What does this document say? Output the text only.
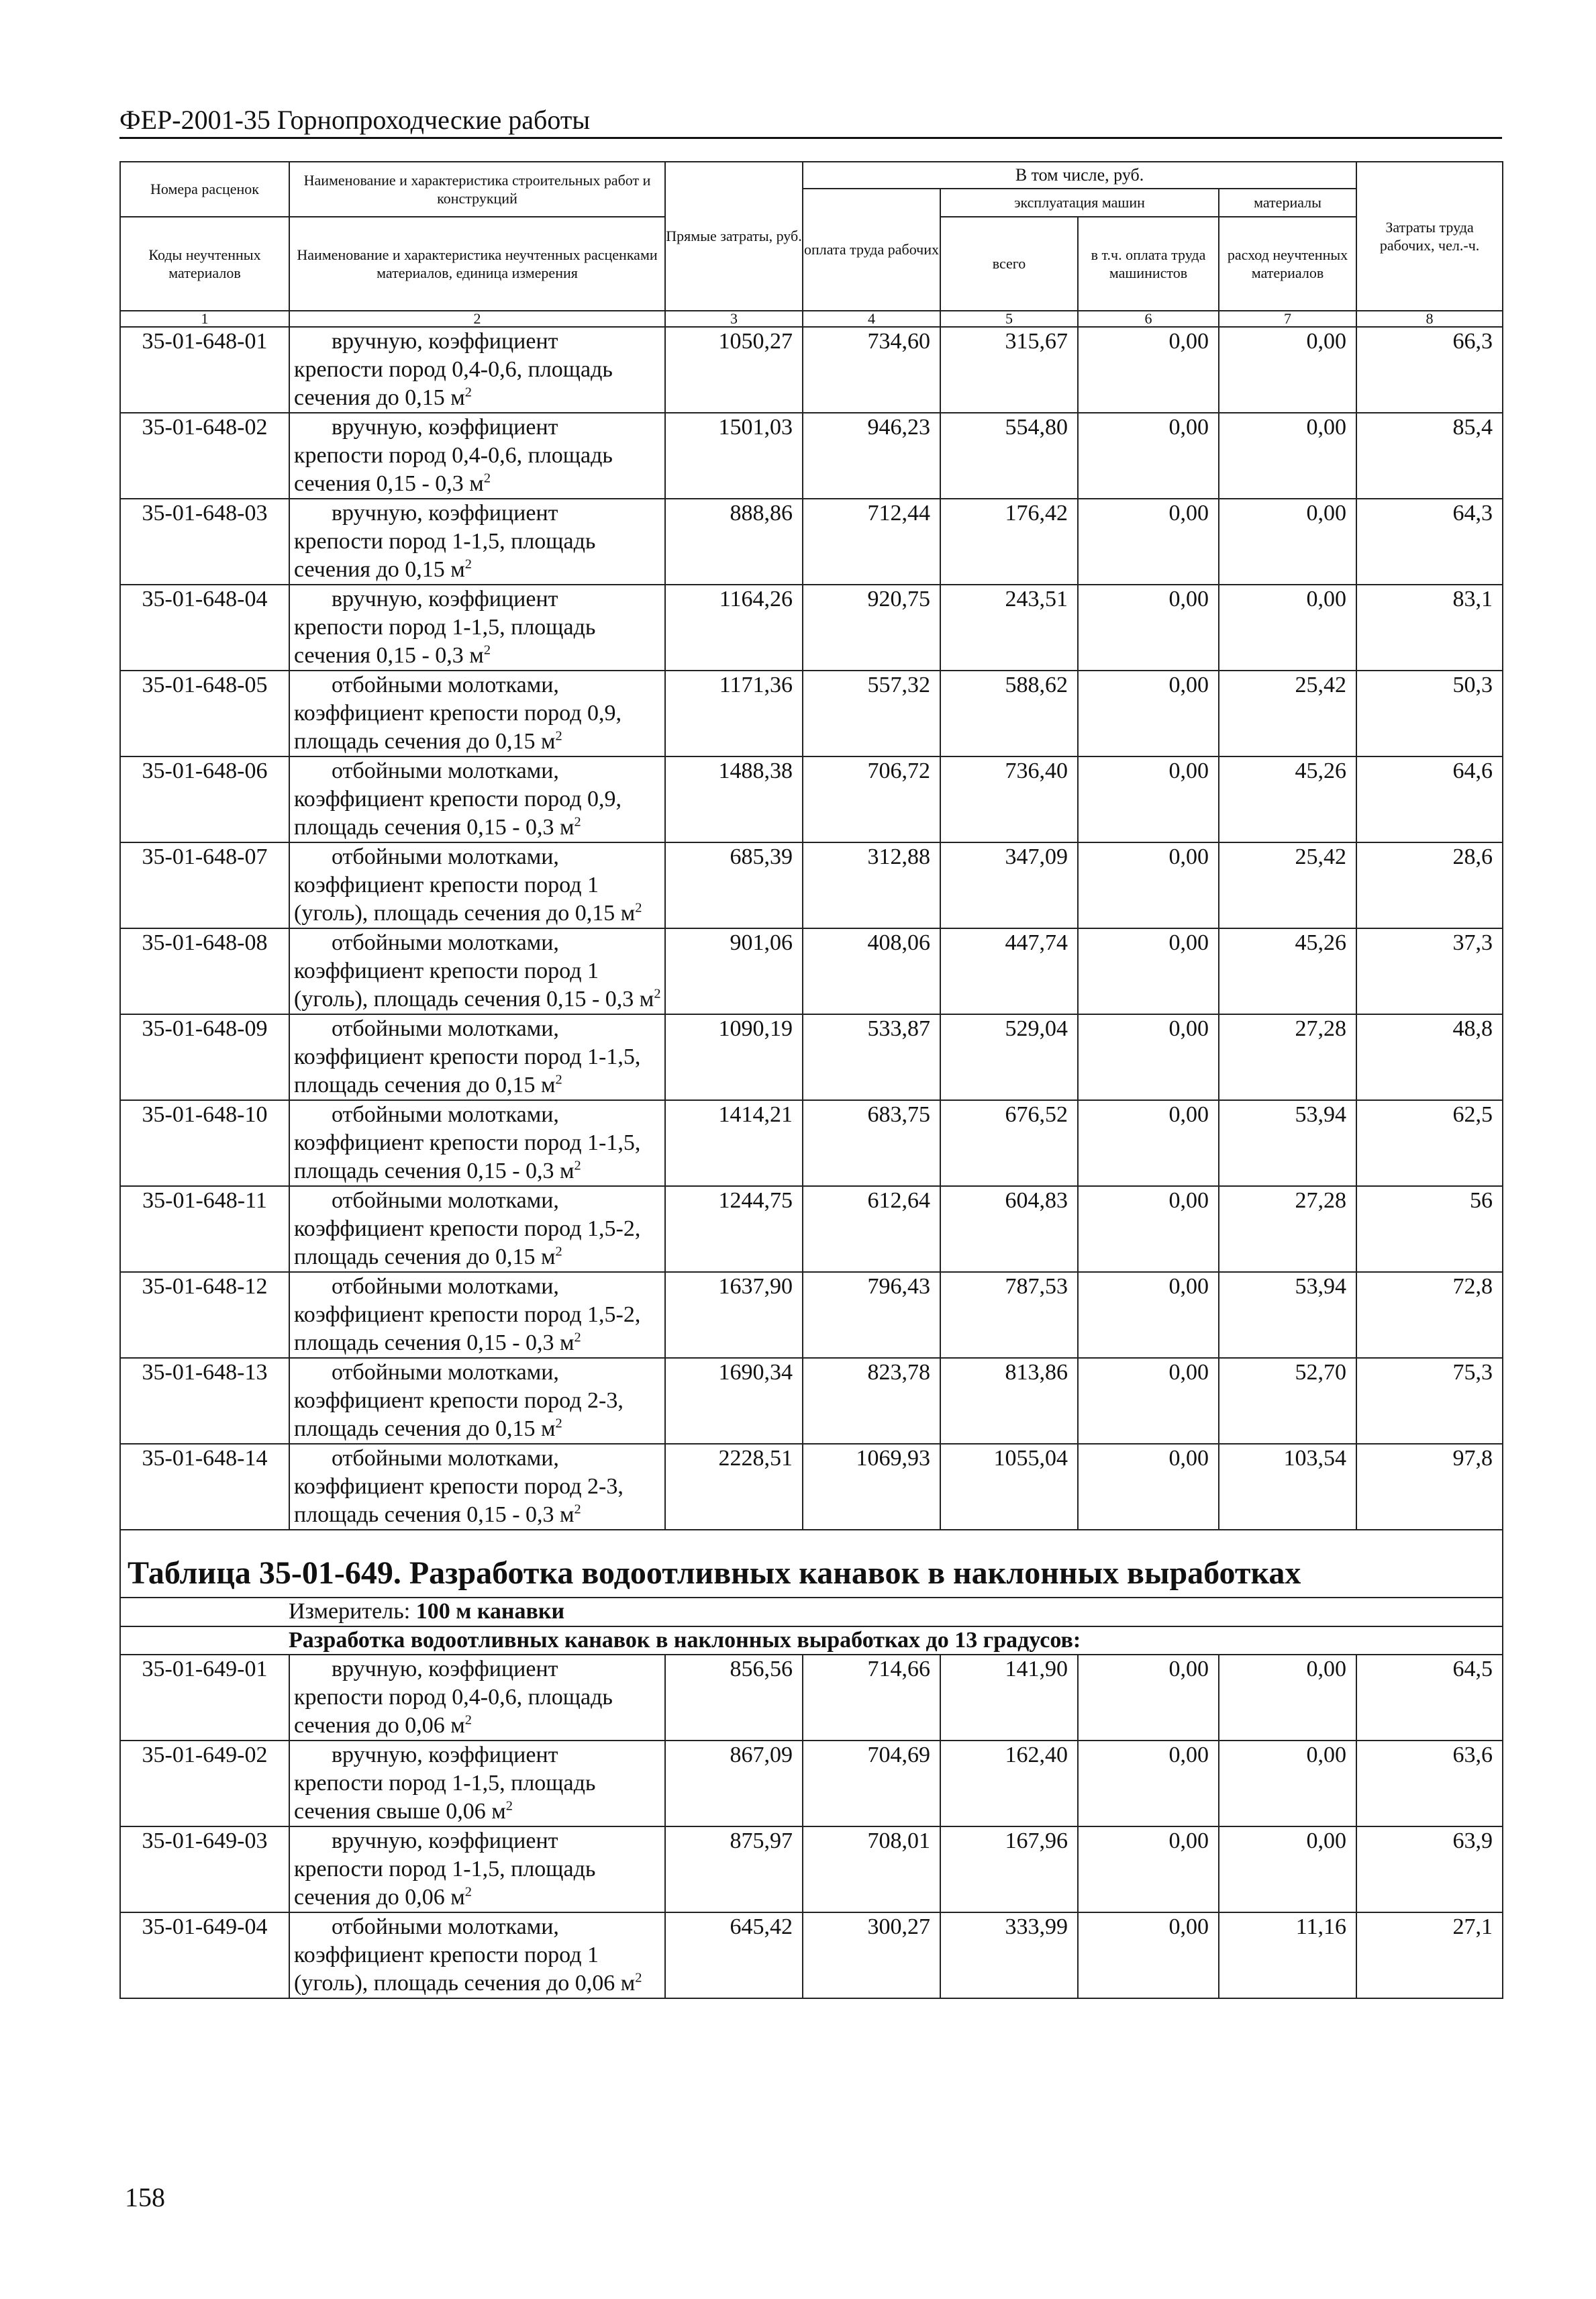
ФЕР-2001-35 Горнопроходческие работы
Номера расценок	Наименование и характеристика строительных работ и конструкций	Прямые затраты, руб.	В том числе, руб.				Затраты труда рабочих, чел.-ч.
			оплата труда рабочих	эксплуатация машин		материалы	
Коды неучтенных материалов	Наименование и характеристика неучтенных расценками материалов, единица измерения			всего	в т.ч. оплата труда машинистов	расход неучтенных материалов	

1	2	3	4	5	6	7	8
35-01-648-01	вручную, коэффициент
крепости пород 0,4-0,6, площадь сечения до 0,15 $м^2$	1050,27	734,60	315,67	0,00	0,00	66,3
35-01-648-02	вручную, коэффициент
крепости пород 0,4-0,6, площадь сечения 0,15 - 0,3 $м^2$	1501,03	946,23	554,80	0,00	0,00	85,4
35-01-648-03	вручную, коэффициент
крепости пород 1-1,5, площадь сечения до 0,15 $м^2$	888,86	712,44	176,42	0,00	0,00	64,3
35-01-648-04	вручную, коэффициент
крепости пород 1-1,5, площадь сечения 0,15 - 0,3 $м^2$	1164,26	920,75	243,51	0,00	0,00	83,1
35-01-648-05	отбойными молотками,
коэффициент крепости пород 0,9, площадь сечения до 0,15 $м^2$	1171,36	557,32	588,62	0,00	25,42	50,3
35-01-648-06	отбойными молотками,
коэффициент крепости пород 0,9, площадь сечения 0,15 - 0,3 $м^2$	1488,38	706,72	736,40	0,00	45,26	64,6
35-01-648-07	отбойными молотками,
коэффициент крепости пород 1 (уголь), площадь сечения до 0,15 $м^2$	685,39	312,88	347,09	0,00	25,42	28,6
35-01-648-08	отбойными молотками,
коэффициент крепости пород 1 (уголь), площадь сечения 0,15 - 0,3 $м^2$	901,06	408,06	447,74	0,00	45,26	37,3
35-01-648-09	отбойными молотками,
коэффициент крепости пород 1-1,5, площадь сечения до 0,15 $м^2$	1090,19	533,87	529,04	0,00	27,28	48,8
35-01-648-10	отбойными молотками,
коэффициент крепости пород 1-1,5, площадь сечения 0,15 - 0,3 $м^2$	1414,21	683,75	676,52	0,00	53,94	62,5
35-01-648-11	отбойными молотками,
коэффициент крепости пород 1,5-2, площадь сечения до 0,15 $м^2$	1244,75	612,64	604,83	0,00	27,28	56
35-01-648-12	отбойными молотками,
коэффициент крепости пород 1,5-2, площадь сечения 0,15 - 0,3 $м^2$	1637,90	796,43	787,53	0,00	53,94	72,8
35-01-648-13	отбойными молотками,
коэффициент крепости пород 2-3, площадь сечения до 0,15 $м^2$	1690,34	823,78	813,86	0,00	52,70	75,3
35-01-648-14	отбойными молотками,
коэффициент крепости пород 2-3, площадь сечения 0,15 - 0,3 $м^2$	2228,51	1069,93	1055,04	0,00	103,54	97,8
Таблица 35-01-649. Разработка водоотливных канавок в наклонных выработках							
Измеритель: 100 м канавки							
Разработка водоотливных канавок в наклонных выработках до 13 градусов:							
35-01-649-01	вручную, коэффициент
крепости пород 0,4-0,6, площадь сечения до 0,06 $м^2$	856,56	714,66	141,90	0,00	0,00	64,5
35-01-649-02	вручную, коэффициент
крепости пород 1-1,5, площадь сечения свыше 0,06 $м^2$	867,09	704,69	162,40	0,00	0,00	63,6
35-01-649-03	вручную, коэффициент
крепости пород 1-1,5, площадь сечения до 0,06 $м^2$	875,97	708,01	167,96	0,00	0,00	63,9
35-01-649-04	отбойными молотками,
коэффициент крепости пород 1 (уголь), площадь сечения до 0,06 $м^2$	645,42	300,27	333,99	0,00	11,16	27,1
158
